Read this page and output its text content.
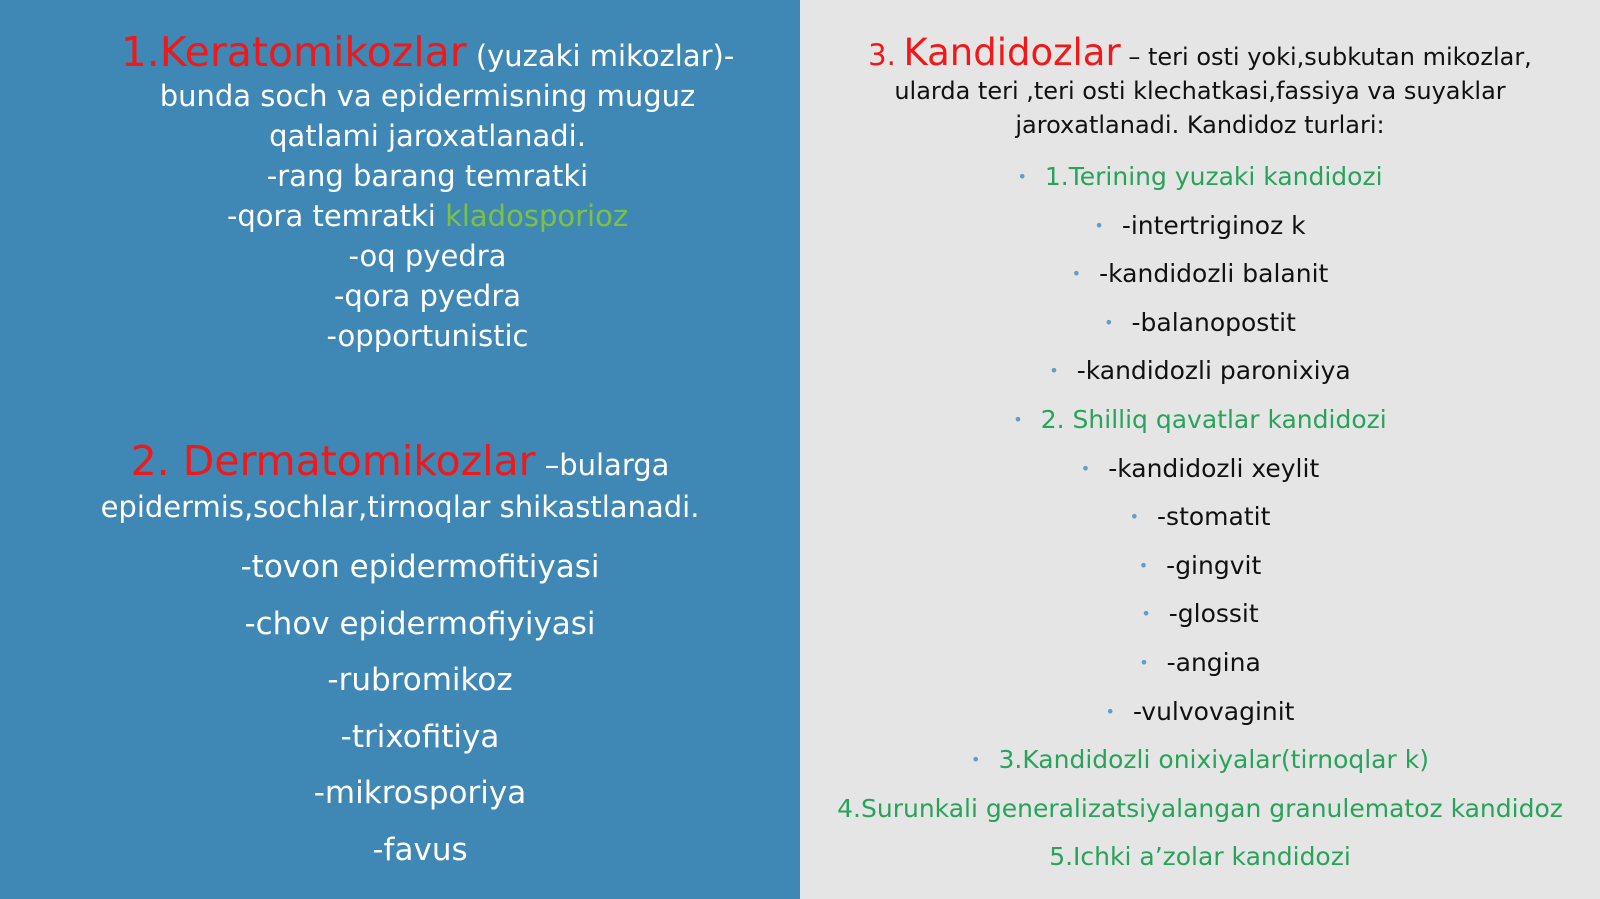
1.Keratomikozlar (yuzaki mikozlar)-
bunda soch va epidermisning muguz
qatlami jaroxatlanadi.
-rang barang temratki
-qora temratki kladosporioz
-oq pyedra
-qora pyedra
-opportunistic
2. Dermatomikozlar –bularga
epidermis,sochlar,tirnoqlar shikastlanadi.
-tovon epidermofitiyasi
-chov epidermofiyiyasi
-rubromikoz
-trixofitiya
-mikrosporiya
-favus
3. Kandidozlar – teri osti yoki,subkutan mikozlar,
ularda teri ,teri osti klechatkasi,fassiya va suyaklar
jaroxatlanadi. Kandidoz turlari:
• 1.Terining yuzaki kandidozi
• -intertriginoz k
• -kandidozli balanit
• -balanopostit
• -kandidozli paronixiya
• 2. Shilliq qavatlar kandidozi
• -kandidozli xeylit
• -stomatit
• -gingvit
• -glossit
• -angina
• -vulvovaginit
• 3.Kandidozli onixiyalar(tirnoqlar k)
4.Surunkali generalizatsiyalangan granulematoz kandidoz
5.Ichki a’zolar kandidozi
